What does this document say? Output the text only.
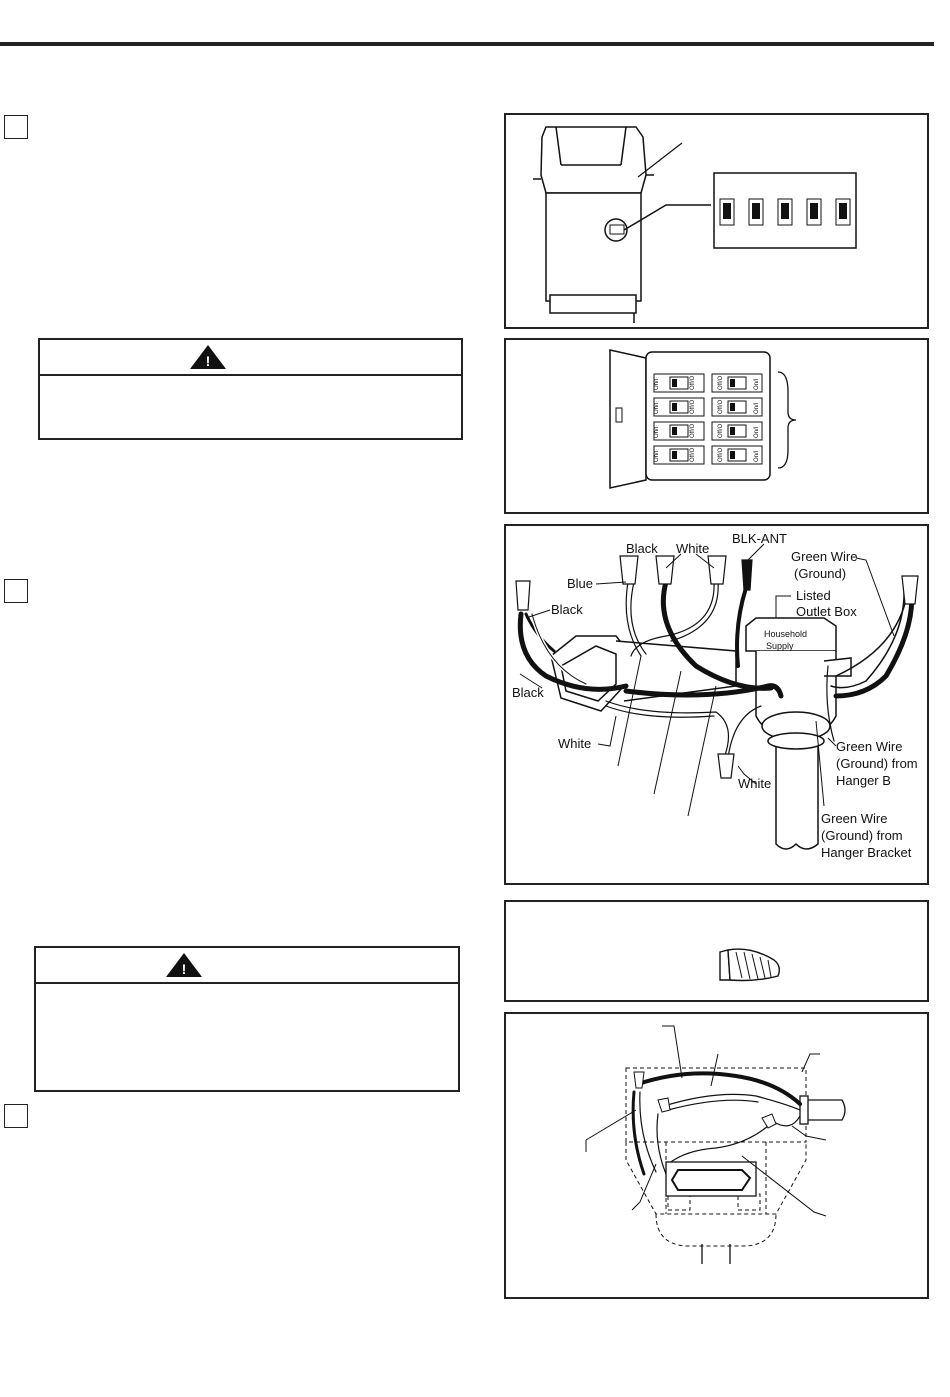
!
!
On/I	Off/O
On/I	Off/O
On/I	Off/O
On/I	Off/O
On/I
Off/O
On/I
Off/O
On/I
Off/O
On/I
Off/O
Household
Supply
Black White
BLK-ANT
Green Wire
(Ground)
Blue
Listed
Outlet Box
Black
Black
White
White
Green Wire
(Ground) from
Hanger B
Green Wire
(Ground) from
Hanger Bracket
